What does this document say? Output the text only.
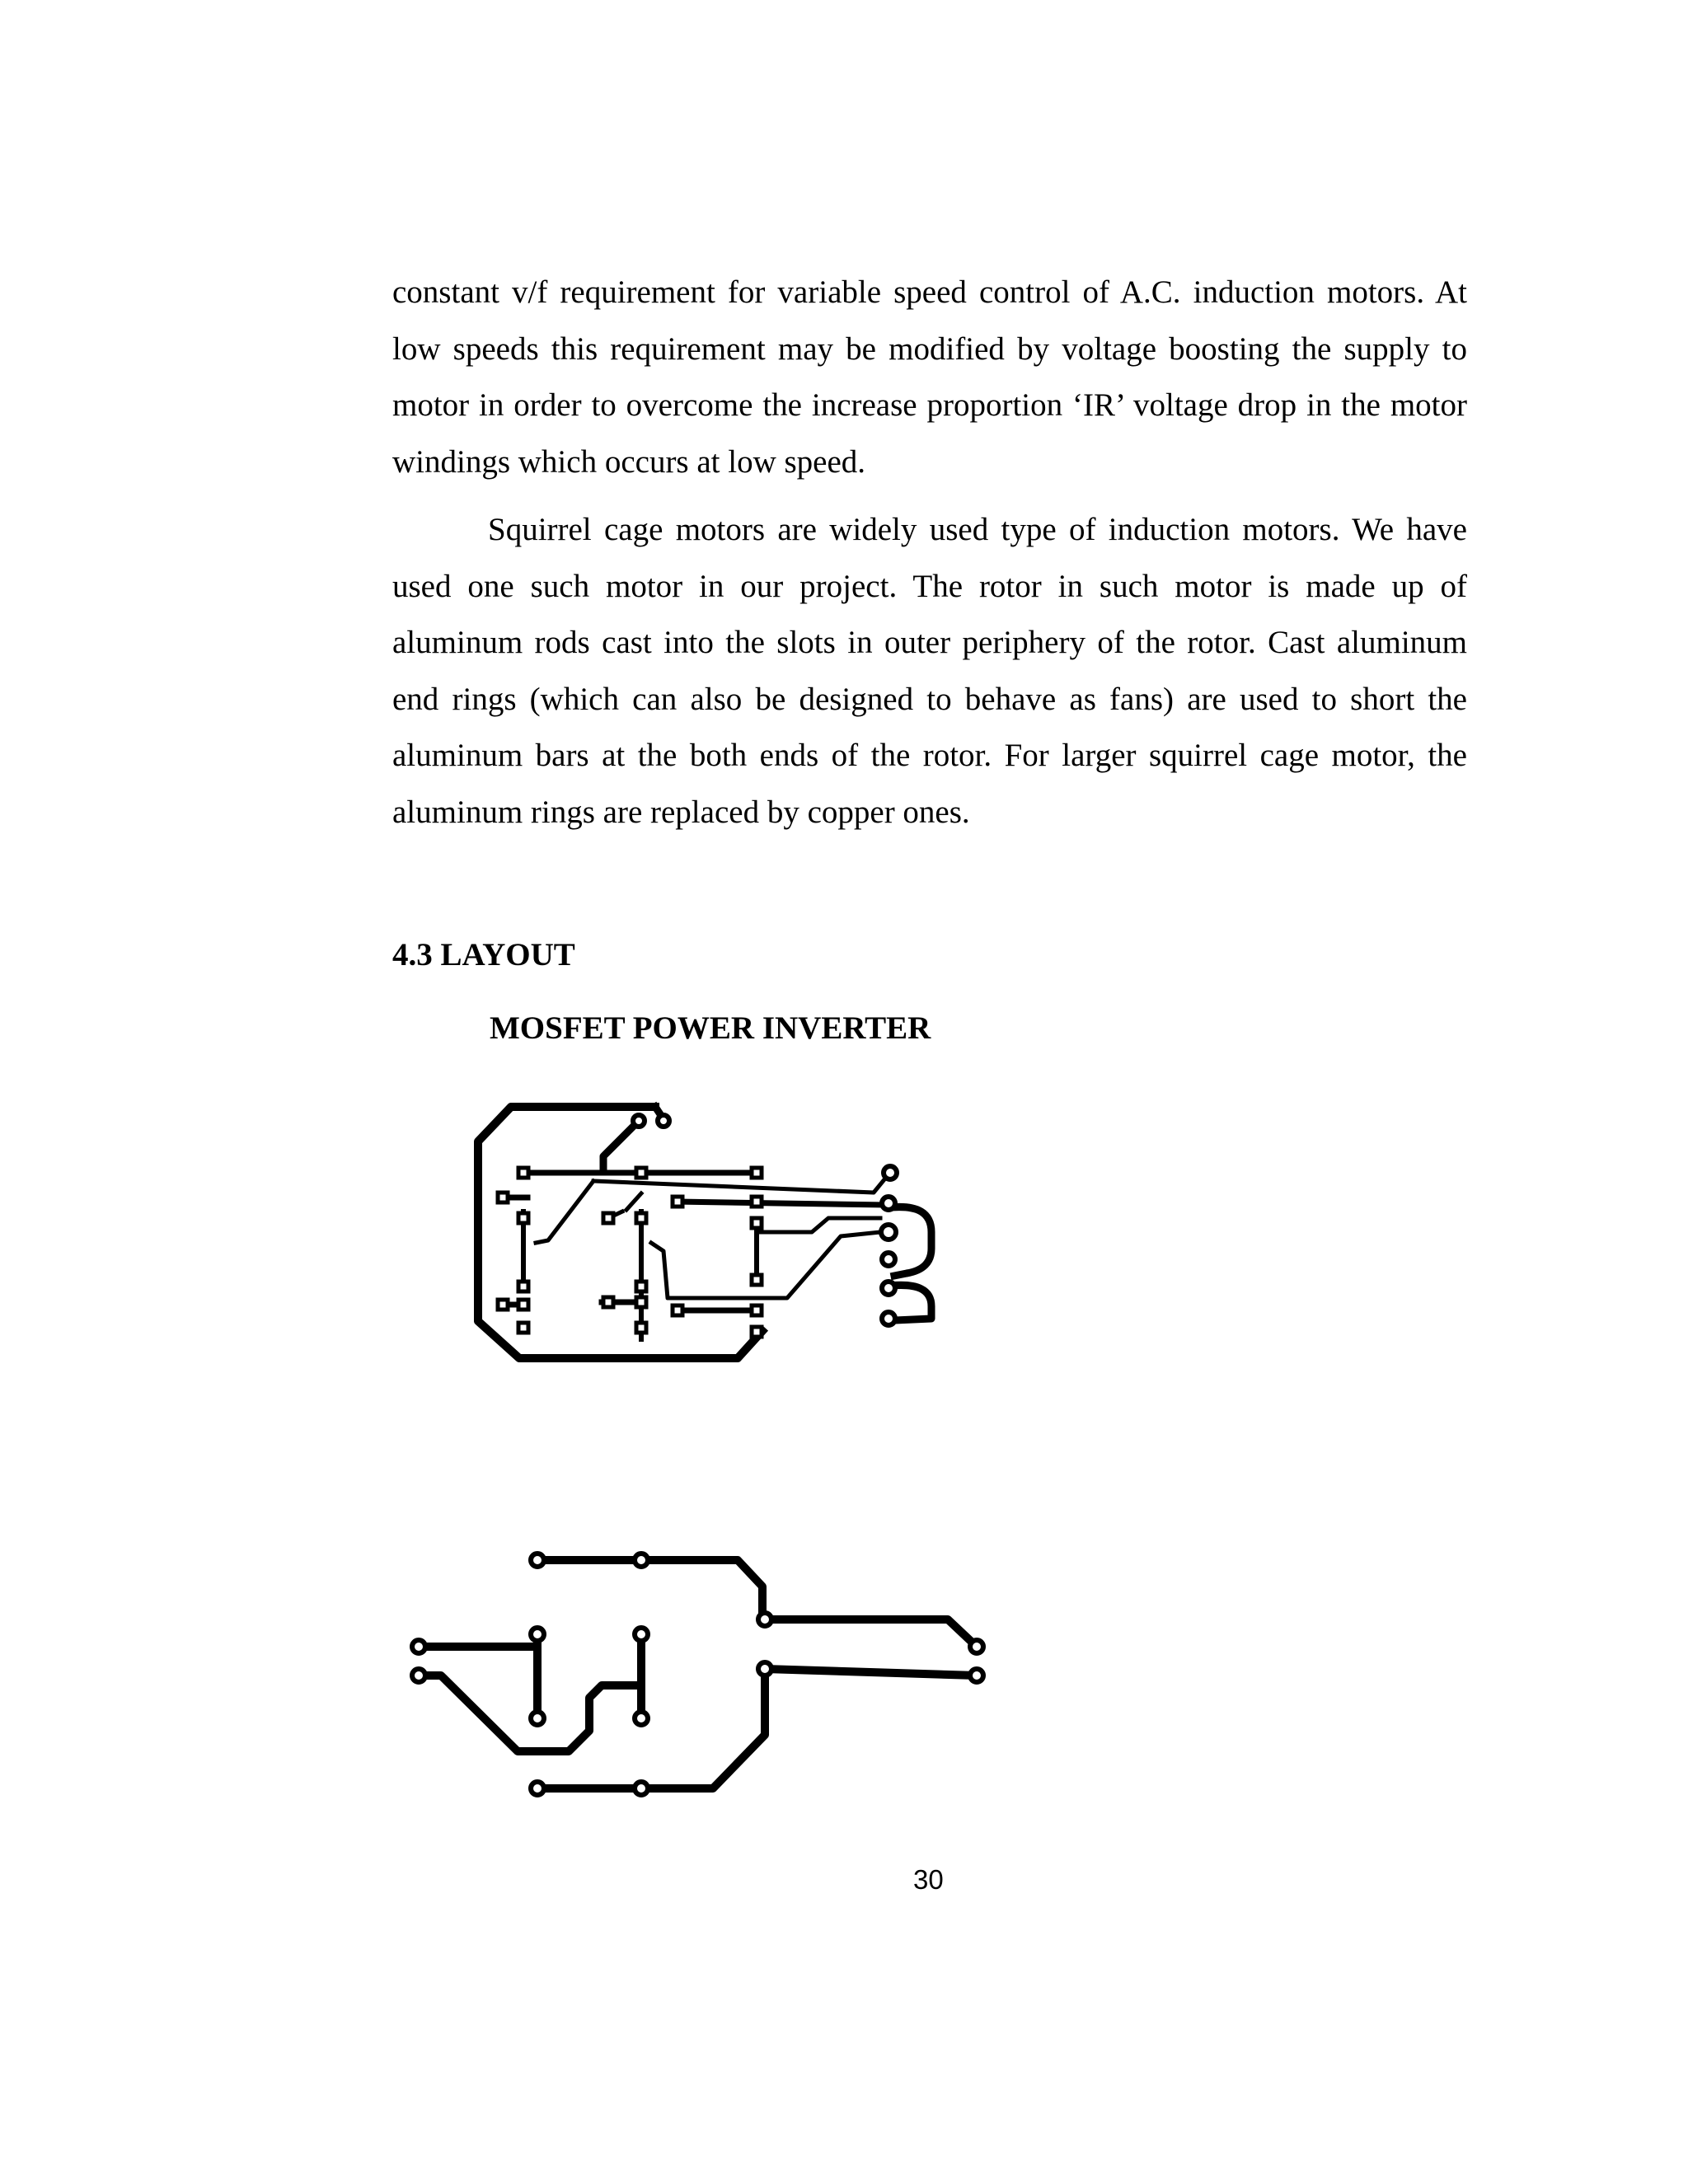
constant v/f requirement for variable speed control of A.C. induction motors. At low speeds this requirement may be modified by voltage boosting the supply to motor in order to overcome the increase proportion ‘IR’ voltage drop in the motor windings which occurs at low speed.

Squirrel cage motors are widely used type of induction motors. We have used one such motor in our project. The rotor in such motor is made up of aluminum rods cast into the slots in outer periphery of the rotor. Cast aluminum end rings (which can also be designed to behave as fans) are used to short the aluminum bars at the both ends of the rotor. For larger squirrel cage motor, the aluminum rings are replaced by copper ones.

4.3 LAYOUT
MOSFET POWER INVERTER
30
